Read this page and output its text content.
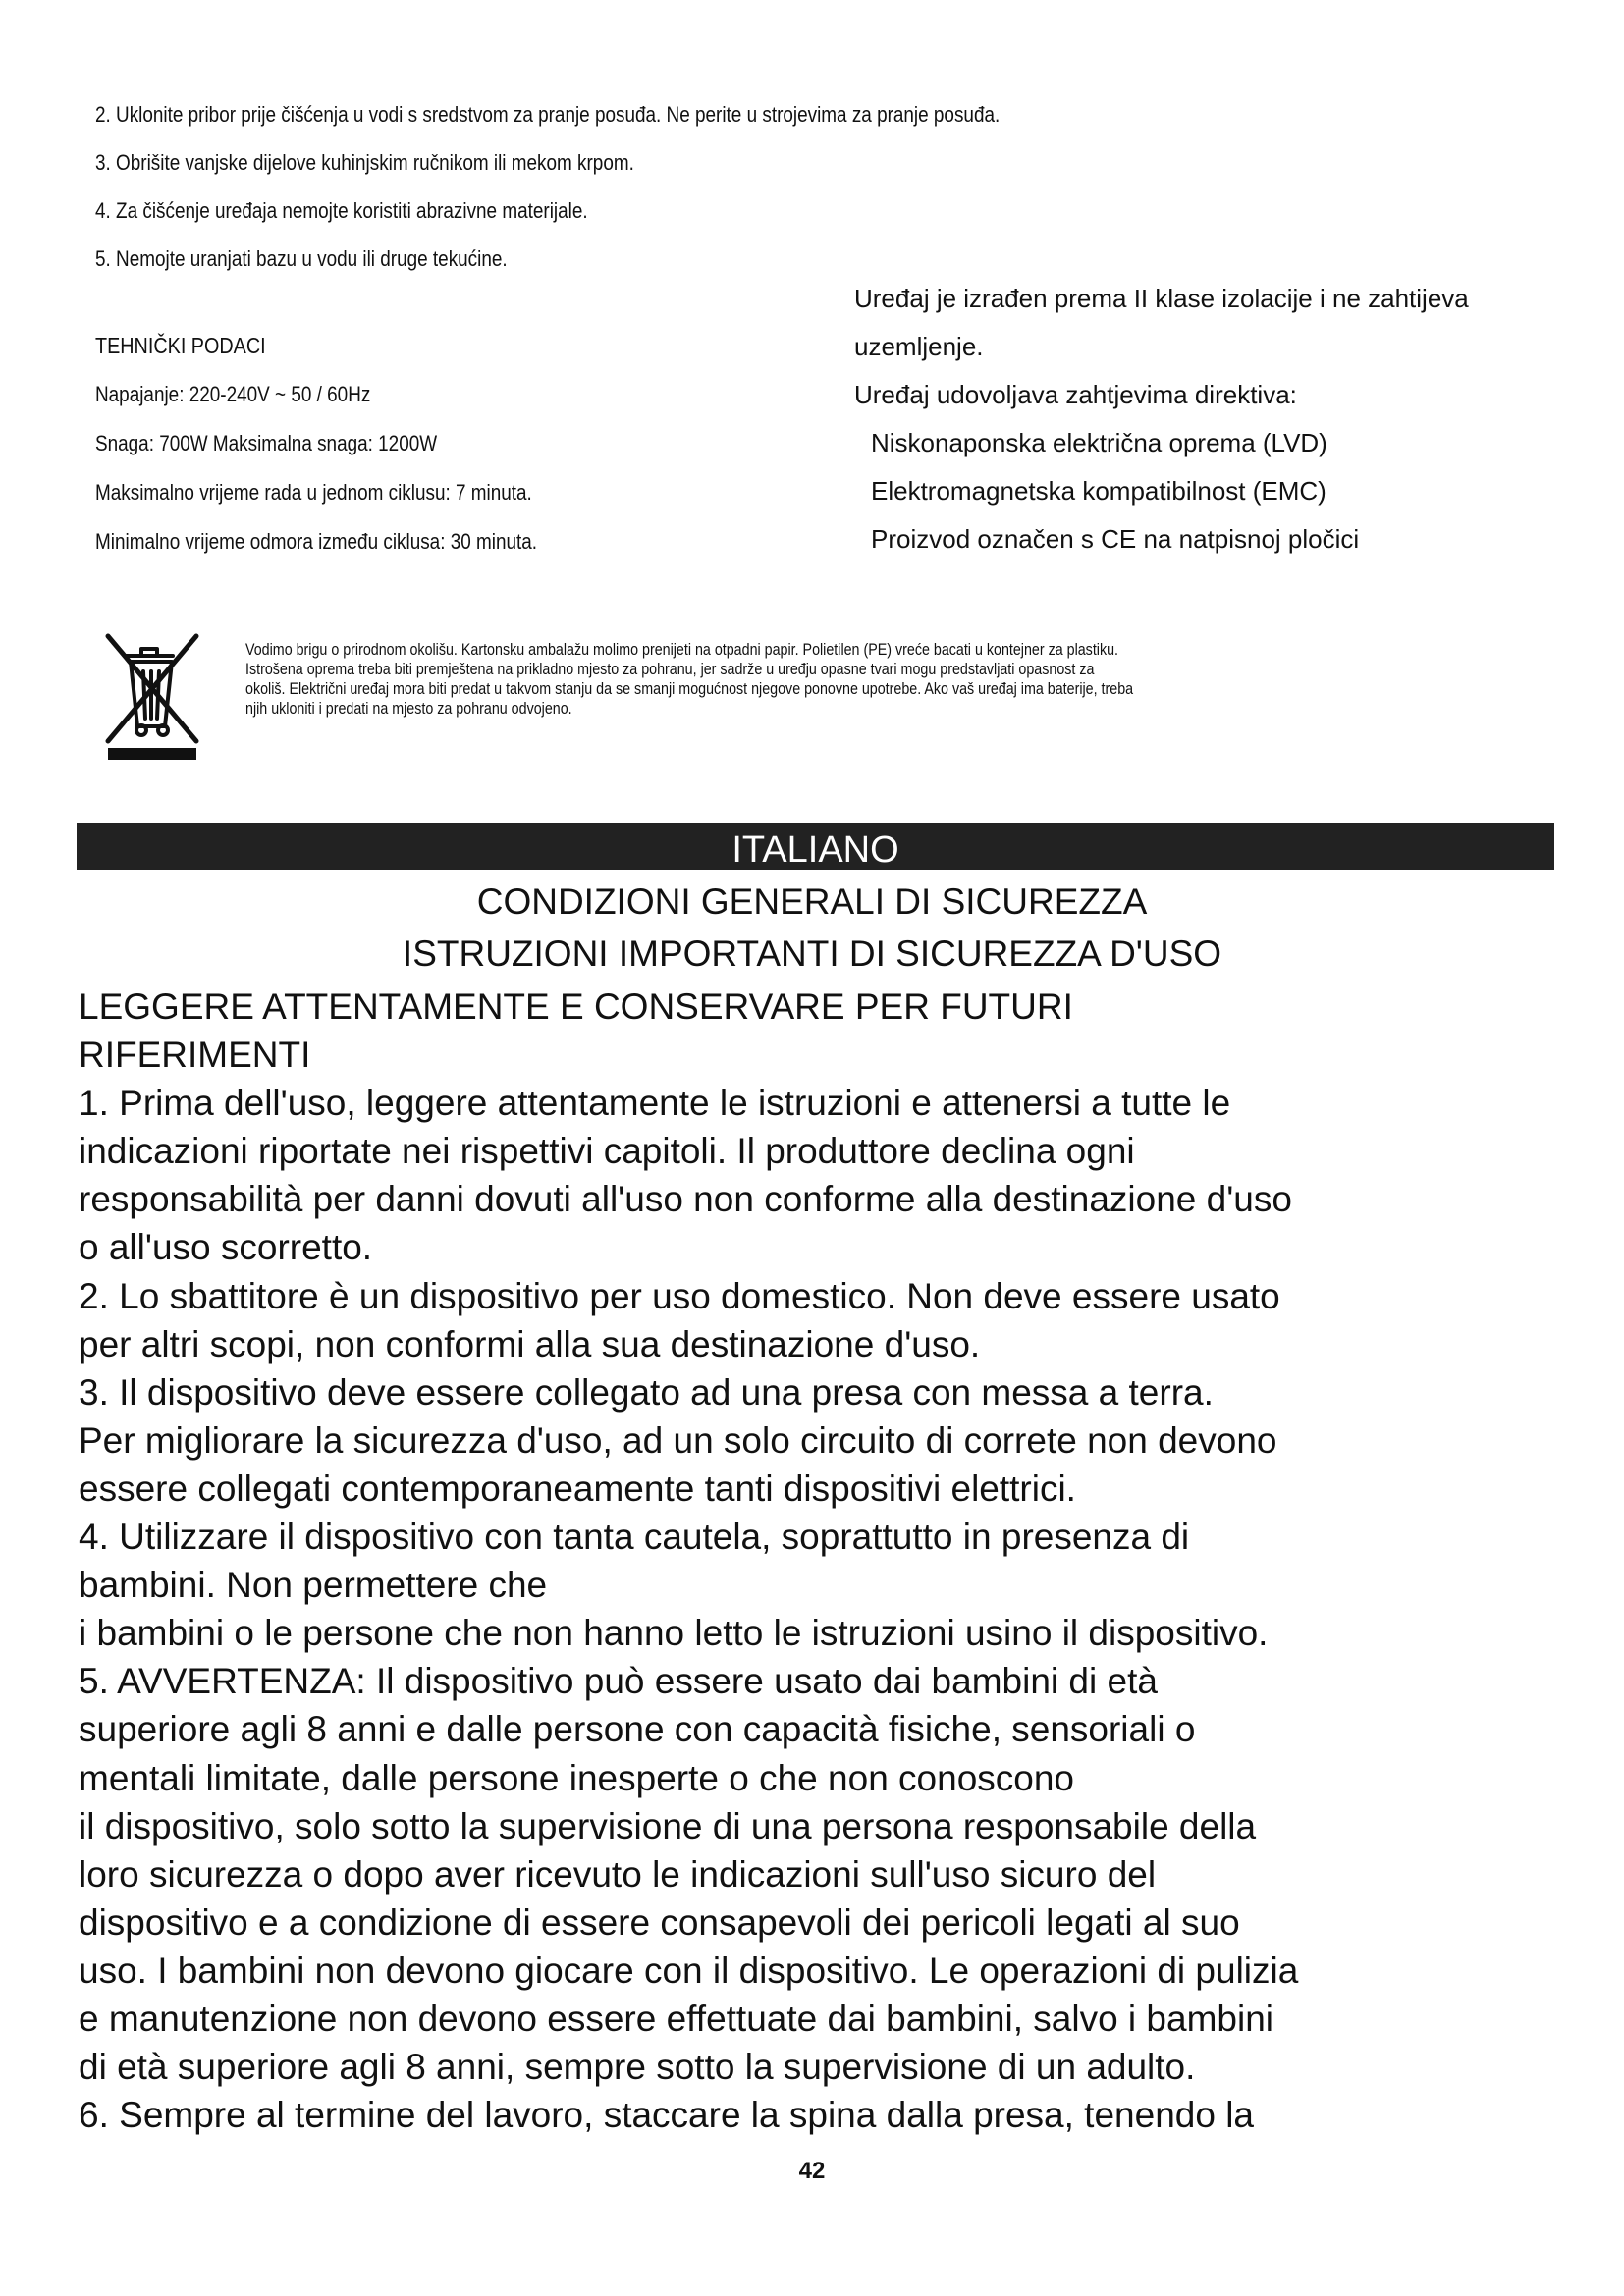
2. Uklonite pribor prije čišćenja u vodi s sredstvom za pranje posuđa. Ne perite u strojevima za pranje posuđa.
3. Obrišite vanjske dijelove kuhinjskim ručnikom ili mekom krpom.
4. Za čišćenje uređaja nemojte koristiti abrazivne materijale.
5. Nemojte uranjati bazu u vodu ili druge tekućine.
TEHNIČKI PODACI
Napajanje: 220-240V ~ 50 / 60Hz
Snaga: 700W Maksimalna snaga: 1200W
Maksimalno vrijeme rada u jednom ciklusu: 7 minuta.
Minimalno vrijeme odmora između ciklusa: 30 minuta.
Uređaj je izrađen prema II klase izolacije i ne zahtijeva
uzemljenje.
Uređaj udovoljava zahtjevima direktiva:
Niskonaponska električna oprema (LVD)
Elektromagnetska kompatibilnost (EMC)
Proizvod označen s CE na natpisnoj pločici
Vodimo brigu o prirodnom okolišu. Kartonsku ambalažu molimo prenijeti na otpadni papir. Polietilen (PE) vreće bacati u kontejner za plastiku.
Istrošena oprema treba biti premještena na prikladno mjesto za pohranu, jer sadrže u uređju opasne tvari mogu predstavljati opasnost za
okoliš. Električni uređaj mora biti predat u takvom stanju da se smanji mogućnost njegove ponovne upotrebe. Ako vaš uređaj ima baterije, treba
njih ukloniti i predati na mjesto za pohranu odvojeno.
ITALIANO
CONDIZIONI GENERALI DI SICUREZZA
ISTRUZIONI IMPORTANTI DI SICUREZZA D'USO
LEGGERE ATTENTAMENTE E CONSERVARE PER FUTURI
RIFERIMENTI
1. Prima dell'uso, leggere attentamente le istruzioni e attenersi a tutte le
indicazioni riportate nei rispettivi capitoli. Il produttore declina ogni
responsabilità per danni dovuti all'uso non conforme alla destinazione d'uso
o all'uso scorretto.
2. Lo sbattitore è un dispositivo per uso domestico. Non deve essere usato
per altri scopi, non conformi alla sua destinazione d'uso.
3. Il dispositivo deve essere collegato ad una presa con messa a terra.
Per migliorare la sicurezza d'uso, ad un solo circuito di correte non devono
essere collegati contemporaneamente tanti dispositivi elettrici.
4. Utilizzare il dispositivo con tanta cautela, soprattutto in presenza di
bambini. Non permettere che
i bambini o le persone che non hanno letto le istruzioni usino il dispositivo.
5. AVVERTENZA: Il dispositivo può essere usato dai bambini di età
superiore agli 8 anni e dalle persone con capacità fisiche, sensoriali o
mentali limitate, dalle persone inesperte o che non conoscono
il dispositivo, solo sotto la supervisione di una persona responsabile della
loro sicurezza o dopo aver ricevuto le indicazioni sull'uso sicuro del
dispositivo e a condizione di essere consapevoli dei pericoli legati al suo
uso. I bambini non devono giocare con il dispositivo. Le operazioni di pulizia
e manutenzione non devono essere effettuate dai bambini, salvo i bambini
di età superiore agli 8 anni, sempre sotto la supervisione di un adulto.
6. Sempre al termine del lavoro, staccare la spina dalla presa, tenendo la
42
